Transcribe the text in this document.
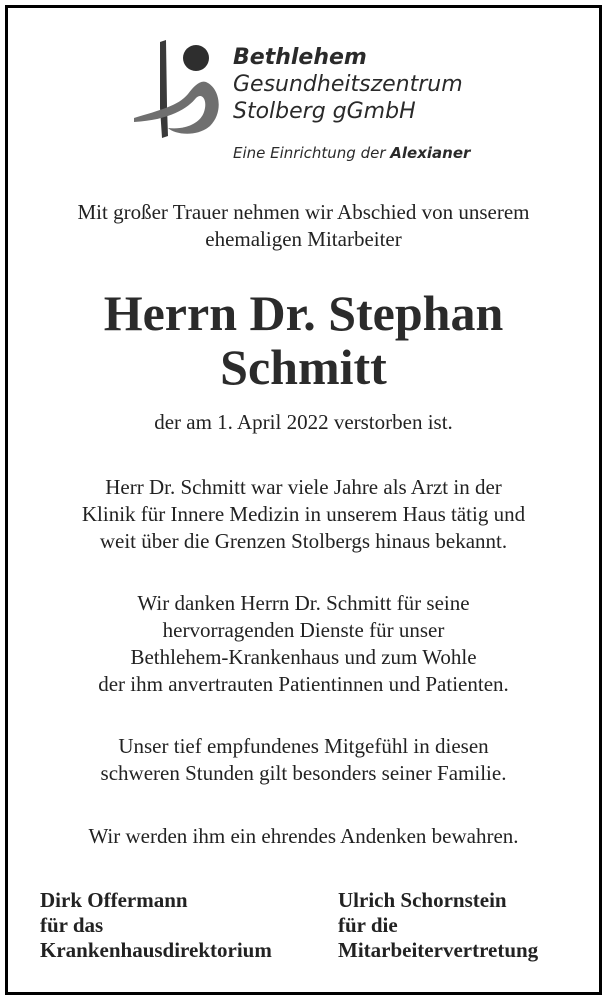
Bethlehem
Gesundheitszentrum
Stolberg gGmbH
Eine Einrichtung der Alexianer
Mit großer Trauer nehmen wir Abschied von unserem
ehemaligen Mitarbeiter
Herrn Dr. Stephan
Schmitt
der am 1. April 2022 verstorben ist.
Herr Dr. Schmitt war viele Jahre als Arzt in der
Klinik für Innere Medizin in unserem Haus tätig und
weit über die Grenzen Stolbergs hinaus bekannt.
Wir danken Herrn Dr. Schmitt für seine
hervorragenden Dienste für unser
Bethlehem-Krankenhaus und zum Wohle
der ihm anvertrauten Patientinnen und Patienten.
Unser tief empfundenes Mitgefühl in diesen
schweren Stunden gilt besonders seiner Familie.
Wir werden ihm ein ehrendes Andenken bewahren.
Dirk Offermann
für das
Krankenhausdirektorium
Ulrich Schornstein
für die
Mitarbeitervertretung
